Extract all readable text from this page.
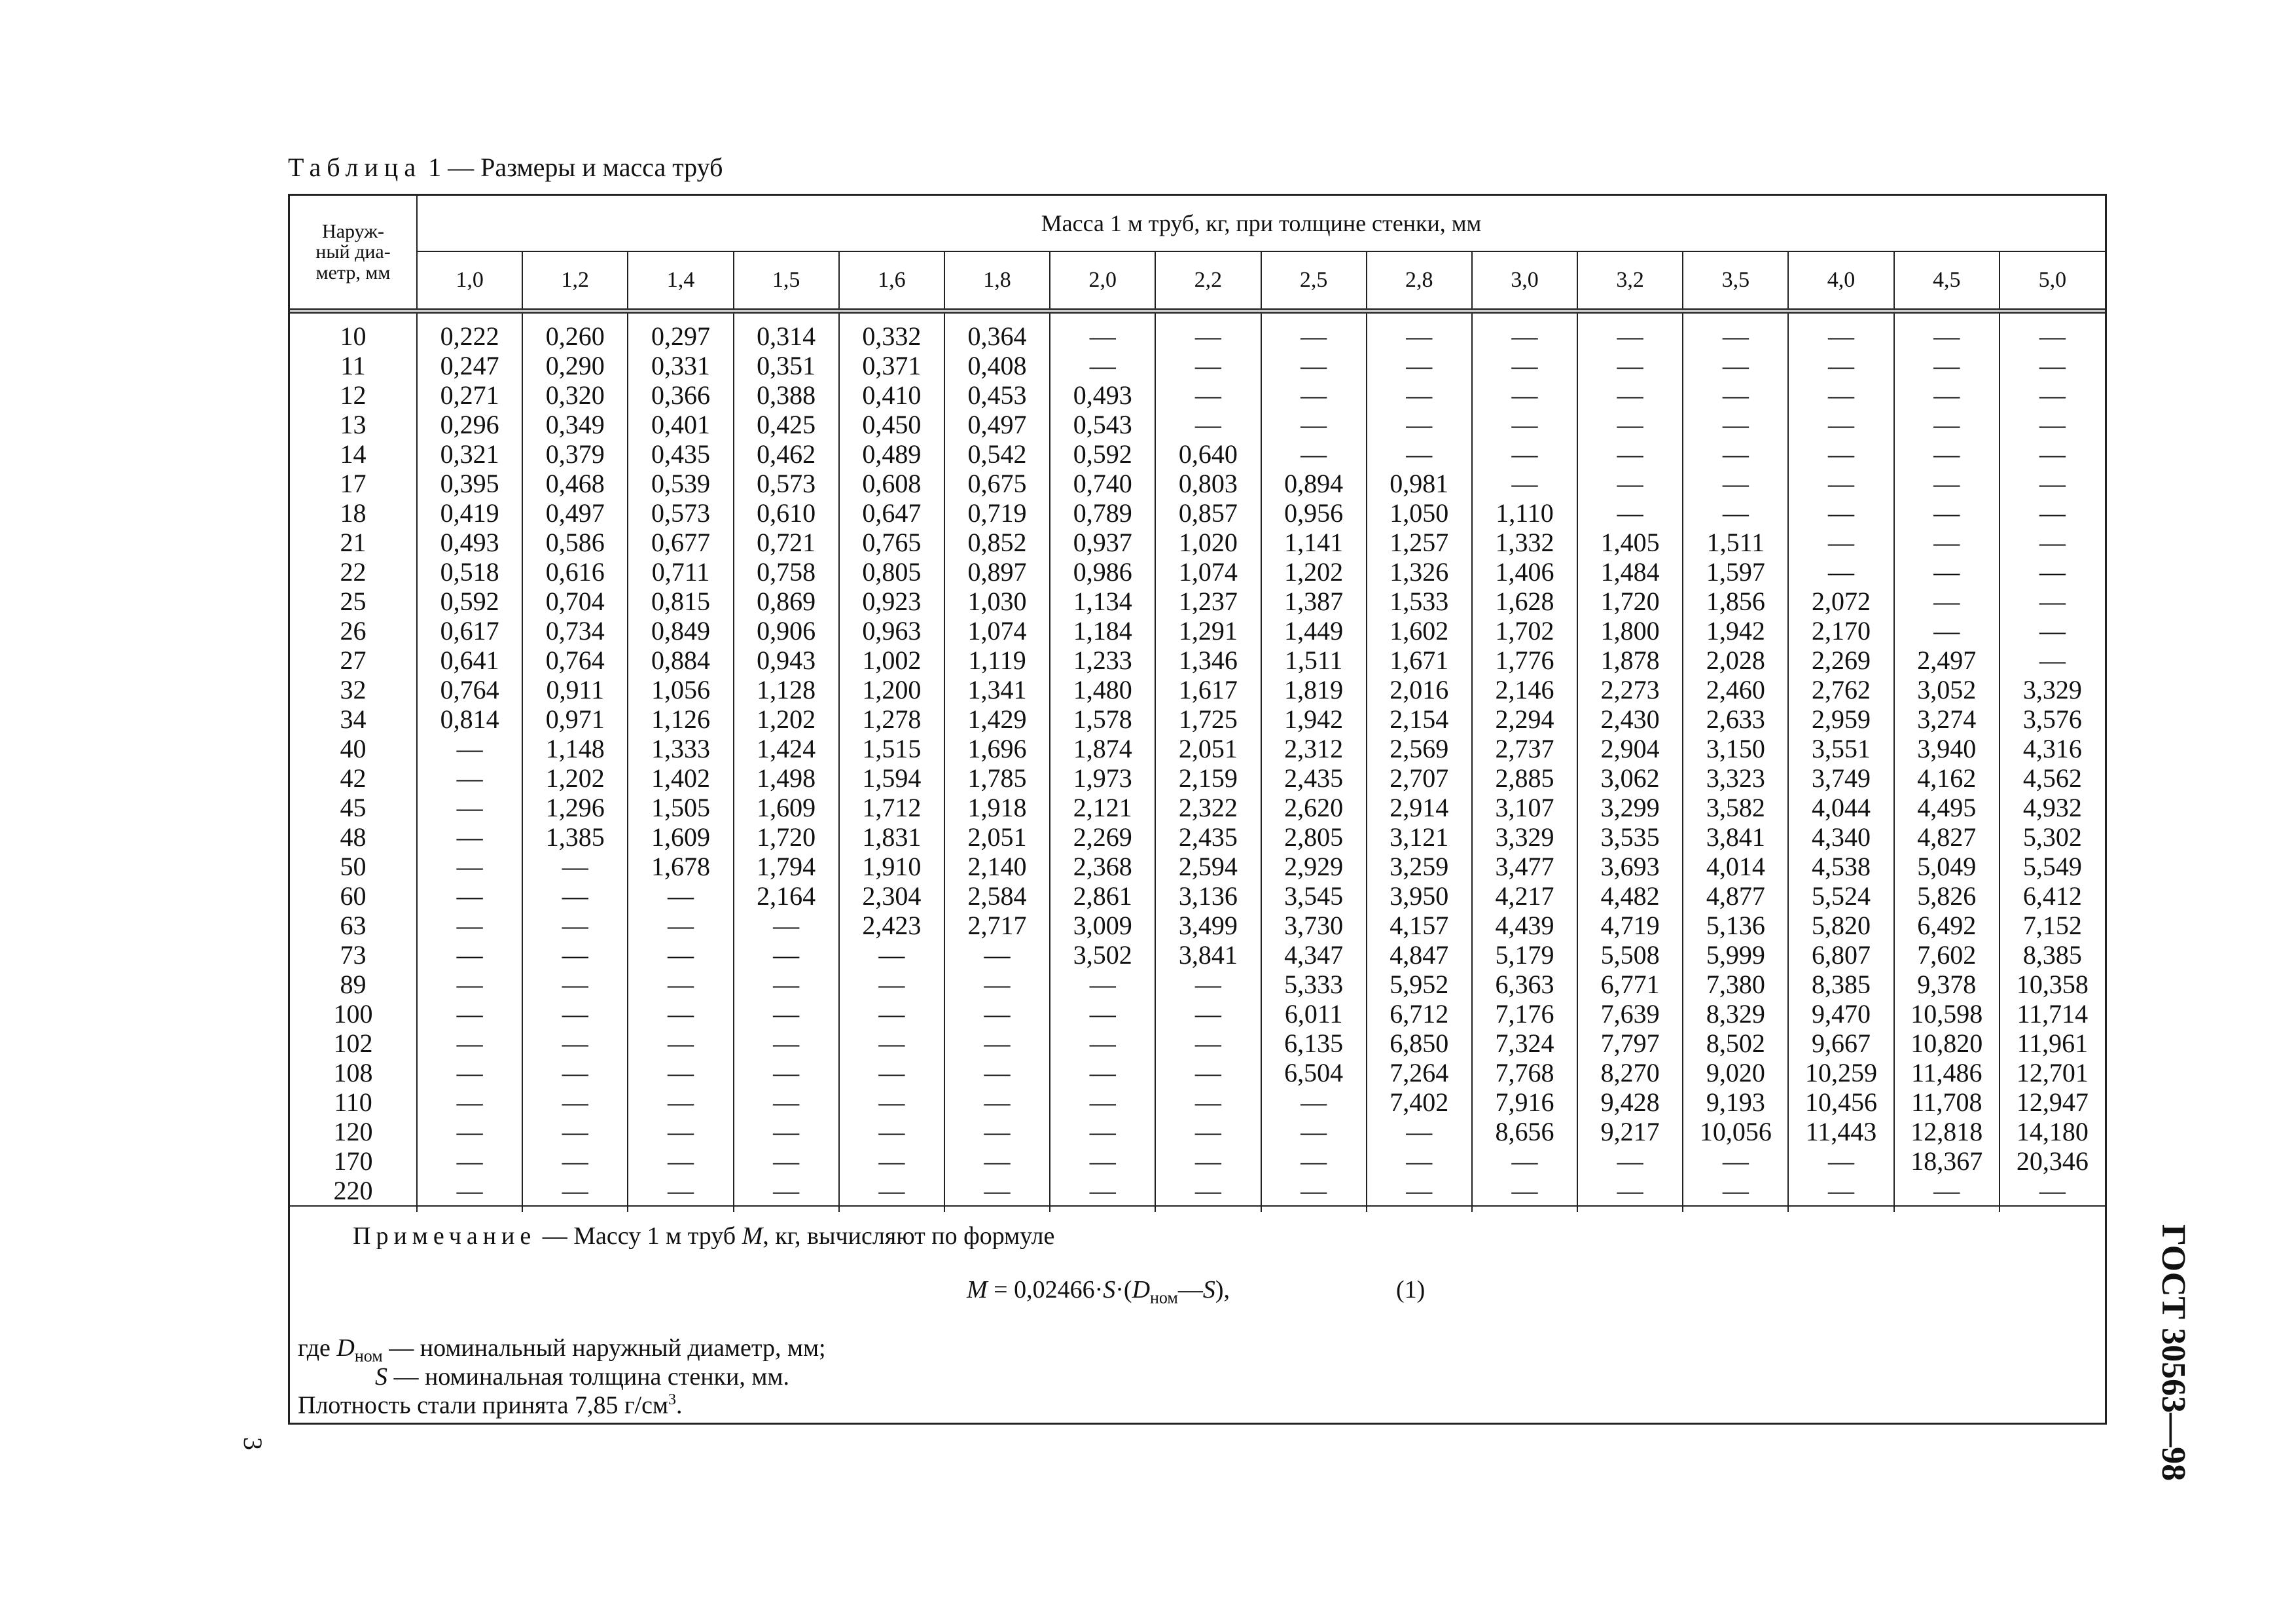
Таблица 1 — Размеры и масса труб
Наруж-
ный диа-
метр, мм	Масса 1 м труб, кг, при толщине стенки, мм															
	1,0	1,2	1,4	1,5	1,6	1,8	2,0	2,2	2,5	2,8	3,0	3,2	3,5	4,0	4,5	5,0
10	0,222	0,260	0,297	0,314	0,332	0,364	—	—	—	—	—	—	—	—	—	—
11	0,247	0,290	0,331	0,351	0,371	0,408	—	—	—	—	—	—	—	—	—	—
12	0,271	0,320	0,366	0,388	0,410	0,453	0,493	—	—	—	—	—	—	—	—	—
13	0,296	0,349	0,401	0,425	0,450	0,497	0,543	—	—	—	—	—	—	—	—	—
14	0,321	0,379	0,435	0,462	0,489	0,542	0,592	0,640	—	—	—	—	—	—	—	—
17	0,395	0,468	0,539	0,573	0,608	0,675	0,740	0,803	0,894	0,981	—	—	—	—	—	—
18	0,419	0,497	0,573	0,610	0,647	0,719	0,789	0,857	0,956	1,050	1,110	—	—	—	—	—
21	0,493	0,586	0,677	0,721	0,765	0,852	0,937	1,020	1,141	1,257	1,332	1,405	1,511	—	—	—
22	0,518	0,616	0,711	0,758	0,805	0,897	0,986	1,074	1,202	1,326	1,406	1,484	1,597	—	—	—
25	0,592	0,704	0,815	0,869	0,923	1,030	1,134	1,237	1,387	1,533	1,628	1,720	1,856	2,072	—	—
26	0,617	0,734	0,849	0,906	0,963	1,074	1,184	1,291	1,449	1,602	1,702	1,800	1,942	2,170	—	—
27	0,641	0,764	0,884	0,943	1,002	1,119	1,233	1,346	1,511	1,671	1,776	1,878	2,028	2,269	2,497	—
32	0,764	0,911	1,056	1,128	1,200	1,341	1,480	1,617	1,819	2,016	2,146	2,273	2,460	2,762	3,052	3,329
34	0,814	0,971	1,126	1,202	1,278	1,429	1,578	1,725	1,942	2,154	2,294	2,430	2,633	2,959	3,274	3,576
40	—	1,148	1,333	1,424	1,515	1,696	1,874	2,051	2,312	2,569	2,737	2,904	3,150	3,551	3,940	4,316
42	—	1,202	1,402	1,498	1,594	1,785	1,973	2,159	2,435	2,707	2,885	3,062	3,323	3,749	4,162	4,562
45	—	1,296	1,505	1,609	1,712	1,918	2,121	2,322	2,620	2,914	3,107	3,299	3,582	4,044	4,495	4,932
48	—	1,385	1,609	1,720	1,831	2,051	2,269	2,435	2,805	3,121	3,329	3,535	3,841	4,340	4,827	5,302
50	—	—	1,678	1,794	1,910	2,140	2,368	2,594	2,929	3,259	3,477	3,693	4,014	4,538	5,049	5,549
60	—	—	—	2,164	2,304	2,584	2,861	3,136	3,545	3,950	4,217	4,482	4,877	5,524	5,826	6,412
63	—	—	—	—	2,423	2,717	3,009	3,499	3,730	4,157	4,439	4,719	5,136	5,820	6,492	7,152
73	—	—	—	—	—	—	3,502	3,841	4,347	4,847	5,179	5,508	5,999	6,807	7,602	8,385
89	—	—	—	—	—	—	—	—	5,333	5,952	6,363	6,771	7,380	8,385	9,378	10,358
100	—	—	—	—	—	—	—	—	6,011	6,712	7,176	7,639	8,329	9,470	10,598	11,714
102	—	—	—	—	—	—	—	—	6,135	6,850	7,324	7,797	8,502	9,667	10,820	11,961
108	—	—	—	—	—	—	—	—	6,504	7,264	7,768	8,270	9,020	10,259	11,486	12,701
110	—	—	—	—	—	—	—	—	—	7,402	7,916	9,428	9,193	10,456	11,708	12,947
120	—	—	—	—	—	—	—	—	—	—	8,656	9,217	10,056	11,443	12,818	14,180
170	—	—	—	—	—	—	—	—	—	—	—	—	—	—	18,367	20,346
220	—	—	—	—	—	—	—	—	—	—	—	—	—	—	—	—
Примечание — Массу 1 м труб M, кг, вычисляют по формуле
$M = 0,02466\cdot S\cdot(D_{ном}—S)$,	(1)
где $D_{ном}$ — номинальный наружный диаметр, мм;
S — номинальная толщина стенки, мм.
Плотность стали принята 7,85 $г/см^3$.	ГОСТ 30563—98
3
